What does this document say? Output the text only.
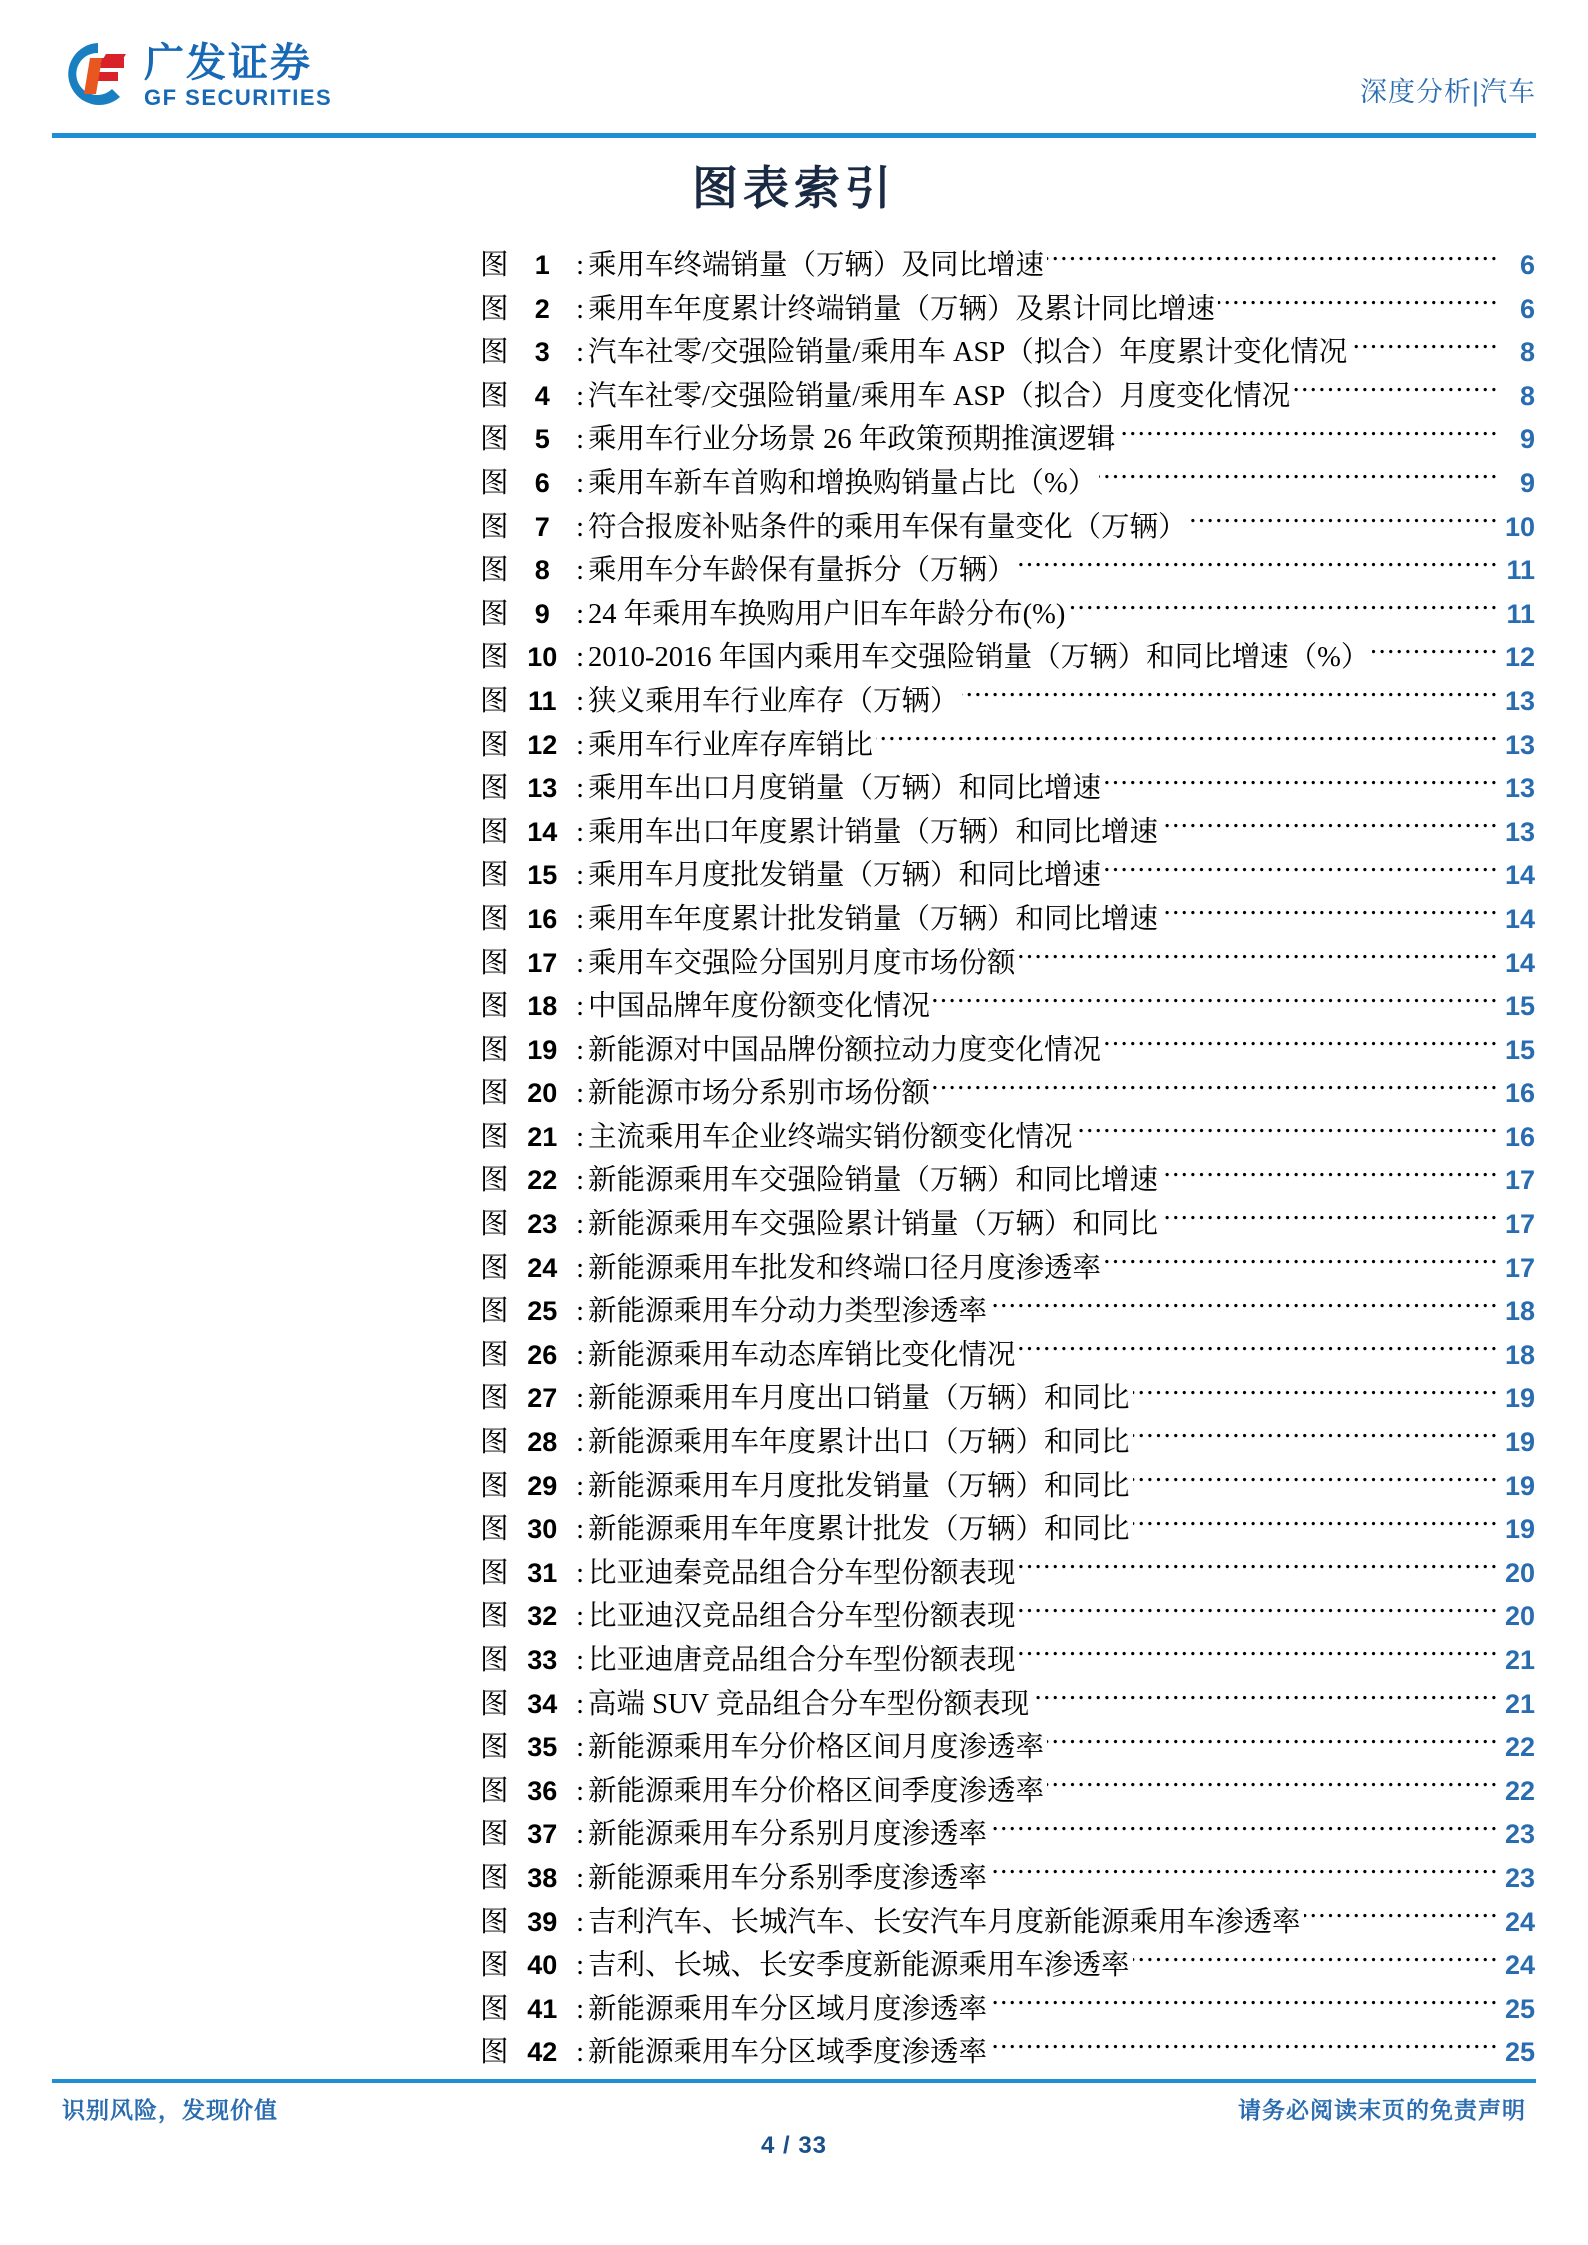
广发证券
GF SECURITIES	深度分析|汽车
图表索引
图 1 : 乘用车终端销量（万辆）及同比增速 .....	6
图 2 : 乘用车年度累计终端销量（万辆）及累计同比增速 .....	6
图 3 : 汽车社零/交强险销量/乘用车 ASP（拟合）年度累计变化情况 .....	8
图 4 : 汽车社零/交强险销量/乘用车 ASP（拟合）月度变化情况 .....	8
图 5 : 乘用车行业分场景 26 年政策预期推演逻辑 .....	9
图 6 : 乘用车新车首购和增换购销量占比（%） .....	9
图 7 : 符合报废补贴条件的乘用车保有量变化（万辆） .....	10
图 8 : 乘用车分车龄保有量拆分（万辆） .....	11
图 9 : 24 年乘用车换购用户旧车年龄分布(%) .....	11
图 10 : 2010-2016 年国内乘用车交强险销量（万辆）和同比增速（%） .....	12
图 11 : 狭义乘用车行业库存（万辆） .....	13
图 12 : 乘用车行业库存库销比 .....	13
图 13 : 乘用车出口月度销量（万辆）和同比增速 .....	13
图 14 : 乘用车出口年度累计销量（万辆）和同比增速 .....	13
图 15 : 乘用车月度批发销量（万辆）和同比增速 .....	14
图 16 : 乘用车年度累计批发销量（万辆）和同比增速 .....	14
图 17 : 乘用车交强险分国别月度市场份额 .....	14
图 18 : 中国品牌年度份额变化情况 .....	15
图 19 : 新能源对中国品牌份额拉动力度变化情况 .....	15
图 20 : 新能源市场分系别市场份额 .....	16
图 21 : 主流乘用车企业终端实销份额变化情况 .....	16
图 22 : 新能源乘用车交强险销量（万辆）和同比增速 .....	17
图 23 : 新能源乘用车交强险累计销量（万辆）和同比 .....	17
图 24 : 新能源乘用车批发和终端口径月度渗透率 .....	17
图 25 : 新能源乘用车分动力类型渗透率 .....	18
图 26 : 新能源乘用车动态库销比变化情况 .....	18
图 27 : 新能源乘用车月度出口销量（万辆）和同比 .....	19
图 28 : 新能源乘用车年度累计出口（万辆）和同比 .....	19
图 29 : 新能源乘用车月度批发销量（万辆）和同比 .....	19
图 30 : 新能源乘用车年度累计批发（万辆）和同比 .....	19
图 31 : 比亚迪秦竞品组合分车型份额表现 .....	20
图 32 : 比亚迪汉竞品组合分车型份额表现 .....	20
图 33 : 比亚迪唐竞品组合分车型份额表现 .....	21
图 34 : 高端 SUV 竞品组合分车型份额表现 .....	21
图 35 : 新能源乘用车分价格区间月度渗透率 .....	22
图 36 : 新能源乘用车分价格区间季度渗透率 .....	22
图 37 : 新能源乘用车分系别月度渗透率 .....	23
图 38 : 新能源乘用车分系别季度渗透率 .....	23
图 39 : 吉利汽车、长城汽车、长安汽车月度新能源乘用车渗透率 .....	24
图 40 : 吉利、长城、长安季度新能源乘用车渗透率 .....	24
图 41 : 新能源乘用车分区域月度渗透率 .....	25
图 42 : 新能源乘用车分区域季度渗透率 .....	25
识别风险，发现价值	请务必阅读末页的免责声明
4 / 33
